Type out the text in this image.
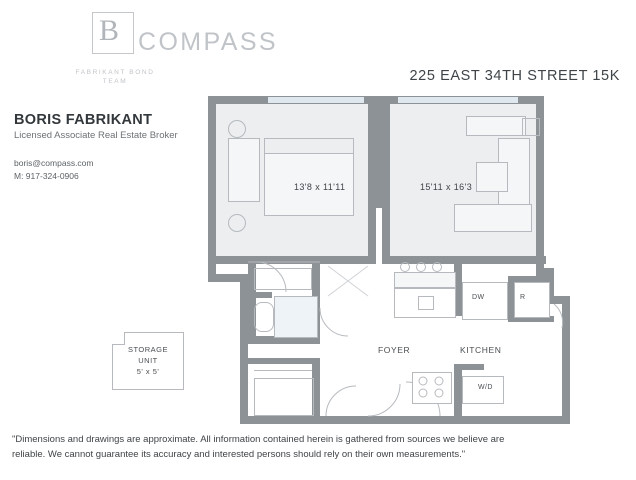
B COMPASS
FABRIKANT BOND
TEAM	225 EAST 34TH STREET 15K
BORIS FABRIKANT
Licensed Associate Real Estate Broker
boris@compass.com
M: 917-324-0906
STORAGE
UNIT
5' x 5'
13'8 x 11'11	15'11 x 16'3
DW	R
W/D
FOYER	KITCHEN
"Dimensions and drawings are approximate. All information contained herein is gathered from sources we believe are
reliable. We cannot guarantee its accuracy and interested persons should rely on their own measurements."
